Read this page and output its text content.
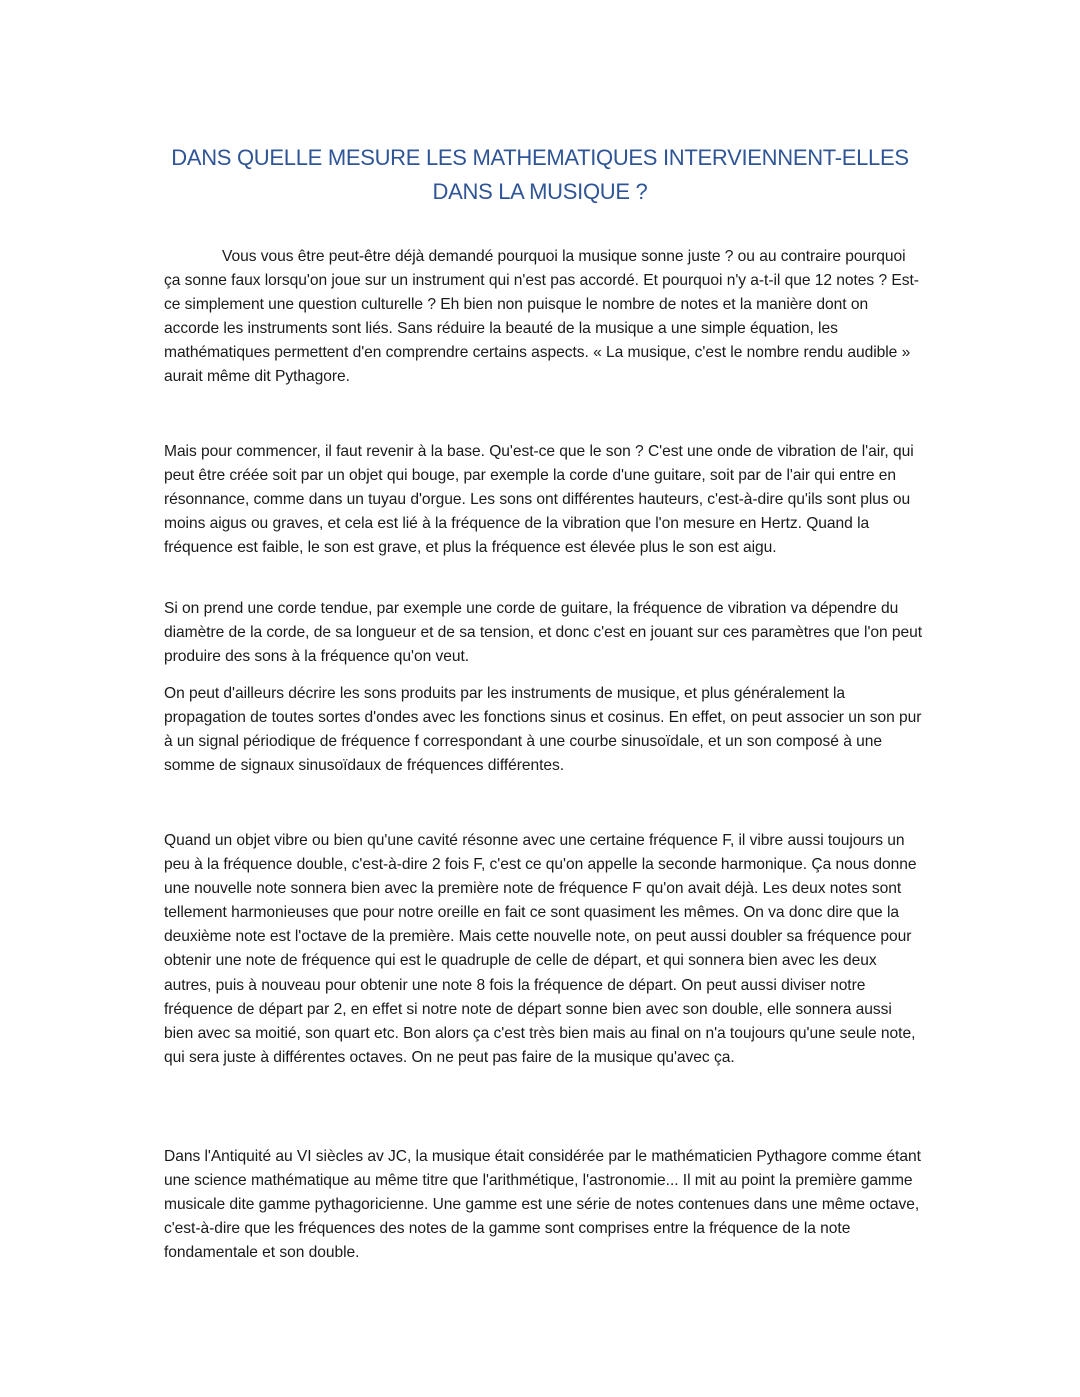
DANS QUELLE MESURE LES MATHEMATIQUES INTERVIENNENT-ELLES
DANS LA MUSIQUE ?

Vous vous être peut-être déjà demandé pourquoi la musique sonne juste ? ou au contraire pourquoi ça sonne faux lorsqu'on joue sur un instrument qui n'est pas accordé. Et pourquoi n'y a-t-il que 12 notes ? Est-ce simplement une question culturelle ? Eh bien non puisque le nombre de notes et la manière dont on accorde les instruments sont liés. Sans réduire la beauté de la musique a une simple équation, les mathématiques permettent d'en comprendre certains aspects. « La musique, c'est le nombre rendu audible » aurait même dit Pythagore.

Mais pour commencer, il faut revenir à la base. Qu'est-ce que le son ? C'est une onde de vibration de l'air, qui peut être créée soit par un objet qui bouge, par exemple la corde d'une guitare, soit par de l'air qui entre en résonnance, comme dans un tuyau d'orgue. Les sons ont différentes hauteurs, c'est-à-dire qu'ils sont plus ou moins aigus ou graves, et cela est lié à la fréquence de la vibration que l'on mesure en Hertz. Quand la fréquence est faible, le son est grave, et plus la fréquence est élevée plus le son est aigu.

Si on prend une corde tendue, par exemple une corde de guitare, la fréquence de vibration va dépendre du diamètre de la corde, de sa longueur et de sa tension, et donc c'est en jouant sur ces paramètres que l'on peut produire des sons à la fréquence qu'on veut.

On peut d'ailleurs décrire les sons produits par les instruments de musique, et plus généralement la propagation de toutes sortes d'ondes avec les fonctions sinus et cosinus. En effet, on peut associer un son pur à un signal périodique de fréquence f correspondant à une courbe sinusoïdale, et un son composé à une somme de signaux sinusoïdaux de fréquences différentes.

Quand un objet vibre ou bien qu'une cavité résonne avec une certaine fréquence F, il vibre aussi toujours un peu à la fréquence double, c'est-à-dire 2 fois F, c'est ce qu'on appelle la seconde harmonique. Ça nous donne une nouvelle note sonnera bien avec la première note de fréquence F qu'on avait déjà. Les deux notes sont tellement harmonieuses que pour notre oreille en fait ce sont quasiment les mêmes. On va donc dire que la deuxième note est l'octave de la première. Mais cette nouvelle note, on peut aussi doubler sa fréquence pour obtenir une note de fréquence qui est le quadruple de celle de départ, et qui sonnera bien avec les deux autres, puis à nouveau pour obtenir une note 8 fois la fréquence de départ. On peut aussi diviser notre fréquence de départ par 2, en effet si notre note de départ sonne bien avec son double, elle sonnera aussi bien avec sa moitié, son quart etc. Bon alors ça c'est très bien mais au final on n'a toujours qu'une seule note, qui sera juste à différentes octaves. On ne peut pas faire de la musique qu'avec ça.

Dans l'Antiquité au VI siècles av JC, la musique était considérée par le mathématicien Pythagore comme étant une science mathématique au même titre que l'arithmétique, l'astronomie... Il mit au point la première gamme musicale dite gamme pythagoricienne. Une gamme est une série de notes contenues dans une même octave, c'est-à-dire que les fréquences des notes de la gamme sont comprises entre la fréquence de la note fondamentale et son double.
